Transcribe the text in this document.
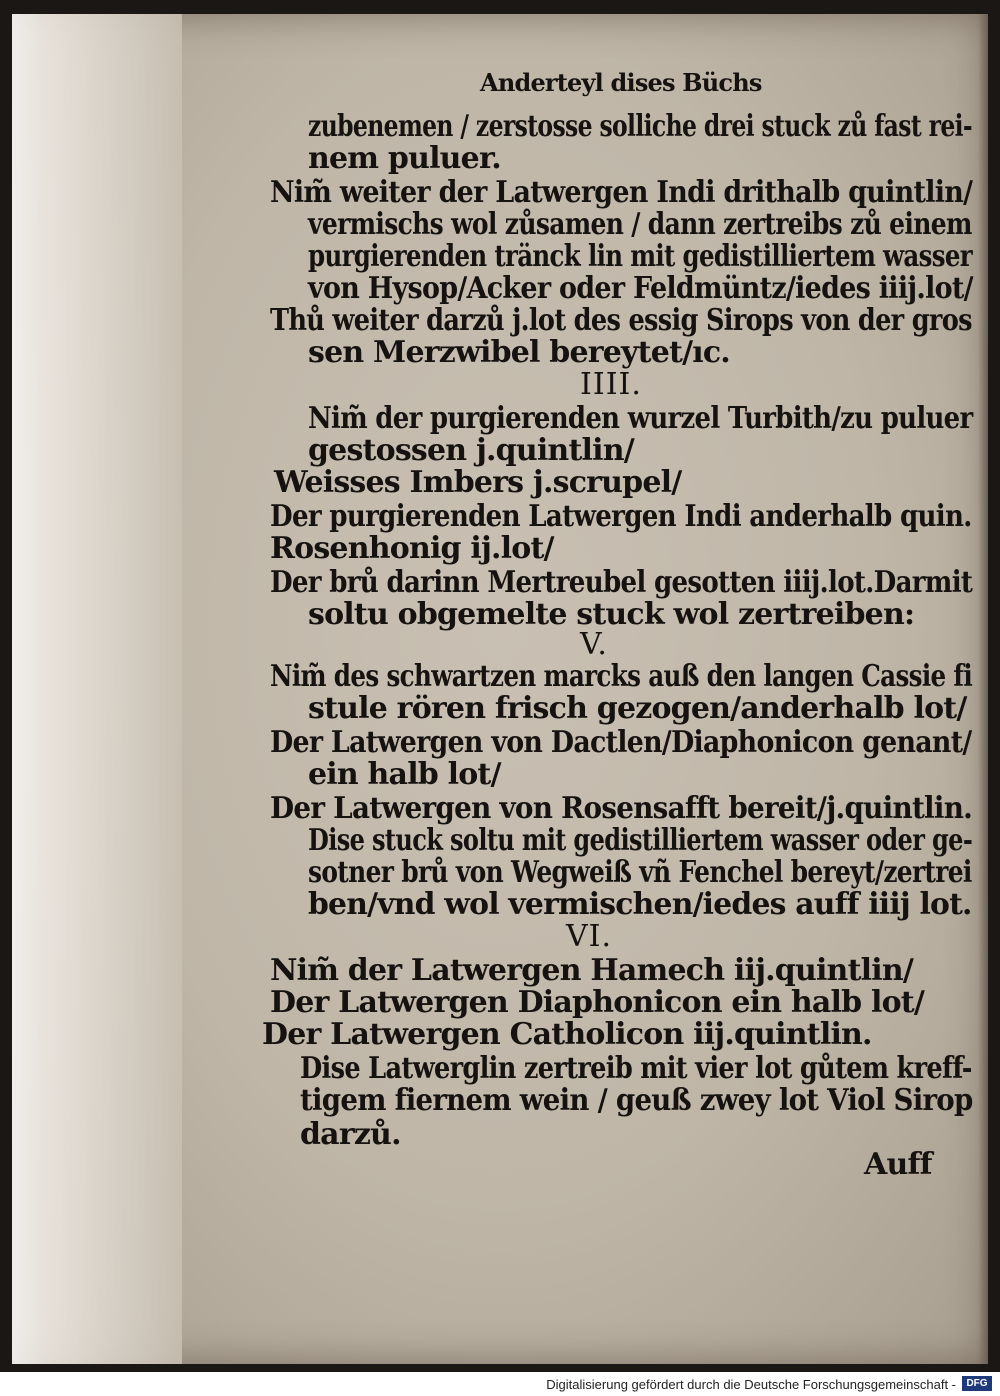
Anderteyl dises Büchs
zubenemen / zerstosse solliche drei stuck zů fast rei-
nem puluer.
Nim̃ weiter der Latwergen Indi drithalb quintlin/
vermischs wol zůsamen / dann zertreibs zů einem
purgierenden tränck lin mit gedistilliertem wasser
von Hysop/Acker oder Feldmüntz/iedes iiij.lot/
Thů weiter darzů j.lot des essig Sirops von der gros
sen Merzwibel bereytet/ıc.
IIII.
Nim̃ der purgierenden wurzel Turbith/zu puluer
gestossen j.quintlin/
Weisses Imbers j.scrupel/
Der purgierenden Latwergen Indi anderhalb quin.
Rosenhonig ij.lot/
Der brů darinn Mertreubel gesotten iiij.lot.Darmit
soltu obgemelte stuck wol zertreiben:
V.
Nim̃ des schwartzen marcks auß den langen Cassie fi
stule rören frisch gezogen/anderhalb lot/
Der Latwergen von Dactlen/Diaphonicon genant/
ein halb lot/
Der Latwergen von Rosensafft bereit/j.quintlin.
Dise stuck soltu mit gedistilliertem wasser oder ge-
sotner brů von Wegweiß vñ Fenchel bereyt/zertrei
ben/vnd wol vermischen/iedes auff iiij lot.
VI.
Nim̃ der Latwergen Hamech iij.quintlin/
Der Latwergen Diaphonicon ein halb lot/
Der Latwergen Catholicon iij.quintlin.
Dise Latwerglin zertreib mit vier lot gůtem kreff-
tigem fiernem wein / geuß zwey lot Viol Sirop
darzů.
Auff
Digitalisierung gefördert durch die Deutsche Forschungsgemeinschaft -	DFG
